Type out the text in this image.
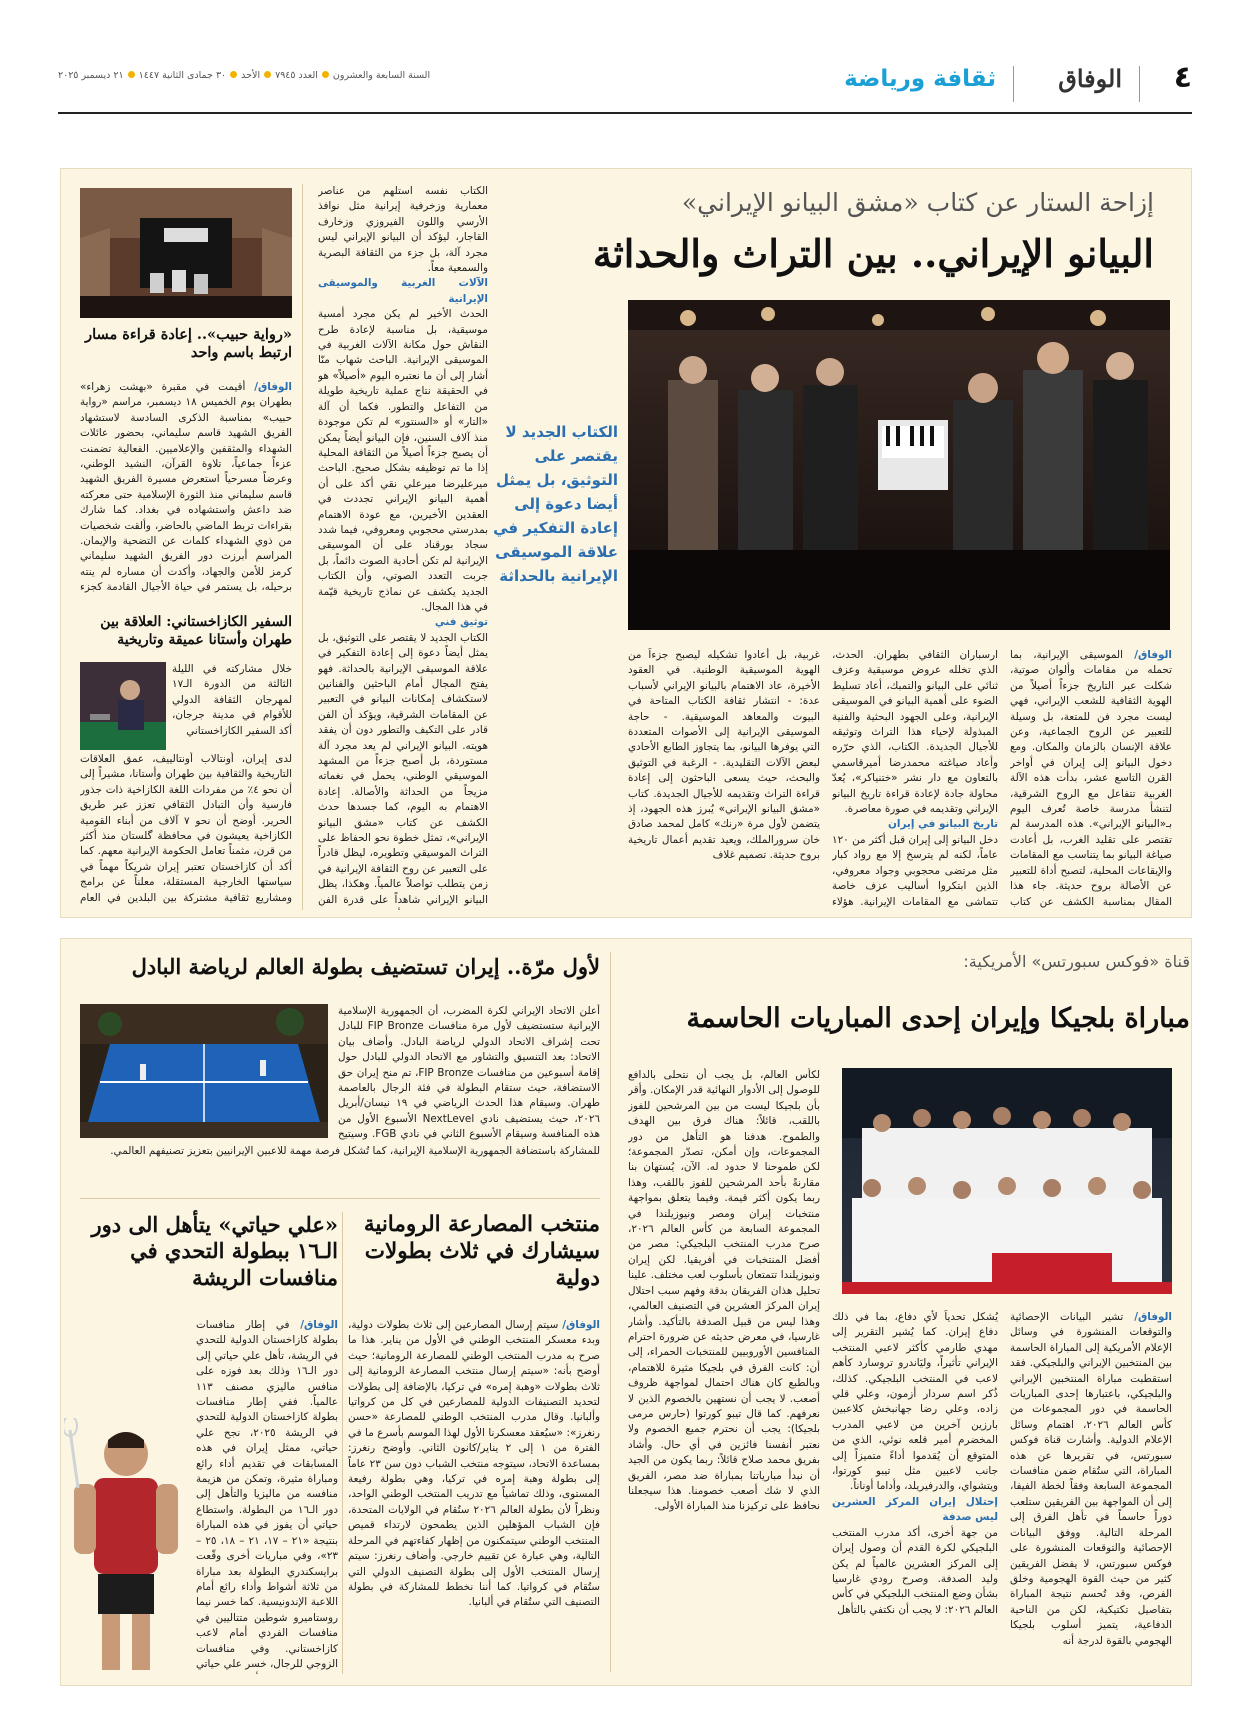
٤
الوفاق
ثقافة ورياضة
السنة السابعة والعشرونالعدد ٧٩٤٥الأحد٣٠ جمادى الثانية ١٤٤٧٢١ ديسمبر ٢٠٢٥
إزاحة الستار عن كتاب «مشق البيانو الإيراني»
البيانو الإيراني.. بين التراث والحداثة
الكتاب الجديد لا يقتصر على التوثيق، بل يمثل أيضا دعوة إلى إعادة التفكير في علاقة الموسيقى الإيرانية بالحداثة

الوفاق/ الموسيقى الإيرانية، بما تحمله من مقامات وألوان صوتية، شكلت عبر التاريخ جزءاً أصيلاً من الهوية الثقافية للشعب الإيراني، فهي ليست مجرد فن للمتعة، بل وسيلة للتعبير عن الروح الجماعية، وعن علاقة الإنسان بالزمان والمكان. ومع دخول البيانو إلى إيران في أواخر القرن التاسع عشر، بدأت هذه الآلة الغربية تتفاعل مع الروح الشرقية، لتنشأ مدرسة خاصة تُعرف اليوم بـ«البيانو الإيراني». هذه المدرسة لم تقتصر على تقليد الغرب، بل أعادت صياغة البيانو بما يتناسب مع المقامات والإيقاعات المحلية، لتصبح أداة للتعبير عن الأصالة بروح حديثة. جاء هذا المقال بمناسبة الكشف عن كتاب

ارسباران الثقافي بطهران. الحدث، الذي تخلله عروض موسيقية وعزف ثنائي على البيانو والتمبك، أعاد تسليط الضوء على أهمية البيانو في الموسيقى الإيرانية، وعلى الجهود البحثية والفنية المبذولة لإحياء هذا التراث وتوثيقه للأجيال الجديدة. الكتاب، الذي حرّره وأعاد صياغته محمدرضا أميرقاسمي بالتعاون مع دار نشر «ختنياكر»، يُعدّ محاولة جادة لإعادة قراءة تاريخ البيانو الإيراني وتقديمه في صورة معاصرة.

تاريخ البيانو في إيران

دخل البيانو إلى إيران قبل أكثر من ١٢٠ عاماً، لكنه لم يترسخ إلا مع رواد كبار مثل مرتضى محجوبي وجواد معروفي، الذين ابتكروا أساليب عزف خاصة تتماشى مع المقامات الإيرانية. هؤلاء

غربية، بل أعادوا تشكيله ليصبح جزءاً من الهوية الموسيقية الوطنية. في العقود الأخيرة، عاد الاهتمام بالبيانو الإيراني لأسباب عدة: - انتشار ثقافة الكتاب المتاحة في البيوت والمعاهد الموسيقية. - حاجة الموسيقى الإيرانية إلى الأصوات المتعددة التي يوفرها البيانو، بما يتجاوز الطابع الأحادي لبعض الآلات التقليدية. - الرغبة في التوثيق والبحث، حيث يسعى الباحثون إلى إعادة قراءة التراث وتقديمه للأجيال الجديدة. كتاب «مشق البيانو الإيراني» يُبرز هذه الجهود، إذ يتضمن لأول مرة «رنك» كامل لمحمد صادق خان سرورالملك، ويعيد تقديم أعمال تاريخية بروح حديثة. تصميم غلاف

الكتاب نفسه استلهم من عناصر معمارية وزخرفية إيرانية مثل نوافذ الأرسي واللون الفيروزي وزخارف القاجار، ليؤكد أن البيانو الإيراني ليس مجرد آلة، بل جزء من الثقافة البصرية والسمعية معاً.

الآلات الغربية والموسيقى الإيرانية

الحدث الأخير لم يكن مجرد أمسية موسيقية، بل مناسبة لإعادة طرح النقاش حول مكانة الآلات الغربية في الموسيقى الإيرانية. الباحث شهاب منّا أشار إلى أن ما نعتبره اليوم «أصيلاً» هو في الحقيقة نتاج عملية تاريخية طويلة من التفاعل والتطور. فكما أن آلة «التار» أو «السنتور» لم تكن موجودة منذ آلاف السنين، فإن البيانو أيضاً يمكن أن يصبح جزءاً أصيلاً من الثقافة المحلية إذا ما تم توظيفه بشكل صحيح. الباحث ميرعلیرضا ميرعلي نقي أكد على أن أهمية البيانو الإيراني تجددت في العقدين الأخيرين، مع عودة الاهتمام بمدرستي محجوبي ومعروفي، فيما شدد سجاد بورقناد على أن الموسيقى الإيرانية لم تكن أحادية الصوت دائماً، بل جربت التعدد الصوتي، وأن الكتاب الجديد يكشف عن نماذج تاريخية قيّمة في هذا المجال.

توثيق فني

الكتاب الجديد لا يقتصر على التوثيق، بل يمثل أيضاً دعوة إلى إعادة التفكير في علاقة الموسيقى الإيرانية بالحداثة. فهو يفتح المجال أمام الباحثين والفنانين لاستكشاف إمكانات البيانو في التعبير عن المقامات الشرقية، ويؤكد أن الفن قادر على التكيف والتطور دون أن يفقد هويته. البيانو الإيراني لم يعد مجرد آلة مستوردة، بل أصبح جزءاً من المشهد الموسيقي الوطني، يحمل في نغماته مزيجاً من الحداثة والأصالة. إعادة الاهتمام به اليوم، كما جسدها حدث الكشف عن كتاب «مشق البيانو الإيراني»، تمثل خطوة نحو الحفاظ على التراث الموسيقي وتطويره، ليظل قادراً على التعبير عن روح الثقافة الإيرانية في زمن يتطلب تواصلاً عالمياً. وهكذا، يظل البيانو الإيراني شاهداً على قدرة الفن

«رواية حبيب».. إعادة قراءة مسار ارتبط باسم واحد

الوفاق/ أقيمت في مقبرة «بهشت زهراء» بطهران يوم الخميس ١٨ ديسمبر، مراسم «رواية حبيب» بمناسبة الذكرى السادسة لاستشهاد الفريق الشهيد قاسم سليماني، بحضور عائلات الشهداء والمثقفين والإعلاميين. الفعالية تضمنت عزءاً جماعياً، تلاوة القرآن، النشيد الوطني، وعرضاً مسرحياً استعرض مسيرة الفريق الشهيد قاسم سليماني منذ الثورة الإسلامية حتى معركته ضد داعش واستشهاده في بغداد. كما شارك بقراءات تربط الماضي بالحاضر، وألقت شخصيات من ذوي الشهداء كلمات عن التضحية والإيمان. المراسم أبرزت دور الفريق الشهيد سليماني كرمز للأمن والجهاد، وأكدت أن مساره لم ينته برحيله، بل يستمر في حياة الأجيال القادمة كجزء

السفير الكازاخستاني: العلاقة بين طهران وأستانا عميقة وتاريخية
خلال مشاركته في الليلة الثالثة من الدورة الـ١٧ لمهرجان الثقافة الدولي للأقوام في مدينة جرجان، أكد السفير الكازاخستاني
لدى إيران، أونتالاب أونتالييف، عمق العلاقات التاريخية والثقافية بين طهران وأستانا، مشيراً إلى أن نحو ٤٪ من مفردات اللغة الكازاخية ذات جذور فارسية وأن التبادل الثقافي تعزز عبر طريق الحرير. أوضح أن نحو ٧ آلاف من أبناء القومية الكازاخية يعيشون في محافظة گلستان منذ أكثر من قرن، مثمناً تعامل الحكومة الإيرانية معهم. كما أكد أن كازاخستان تعتبر إيران شريكاً مهماً في سياستها الخارجية المستقلة، معلناً عن برامج ومشاريع ثقافية مشتركة بين البلدين في العام
قناة «فوكس سبورتس» الأمريكية:
مباراة بلجيكا وإيران إحدى المباريات الحاسمة

الوفاق/ تشير البيانات الإحصائية والتوقعات المنشورة في وسائل الإعلام الأمريكية إلى المباراة الحاسمة بين المنتخبين الإيراني والبلجيكي. فقد استقطبت مباراة المنتخبين الإيراني والبلجيكي، باعتبارها إحدى المباريات الحاسمة في دور المجموعات من كأس العالم ٢٠٢٦، اهتمام وسائل الإعلام الدولية. وأشارت قناة فوكس سبورتس، في تقريرها عن هذه المباراة، التي ستُقام ضمن منافسات المجموعة السابعة وفقاً لخطة الفيفا، إلى أن المواجهة بين الفريقين ستلعب دوراً حاسماً في تأهل الفرق إلى المرحلة التالية. ووفق البيانات الإحصائية والتوقعات المنشورة على فوكس سبورتس، لا يفضل الفريقين كثير من حيث القوة الهجومية وخلق الفرص، وقد تُحسم نتيجة المباراة بتفاصيل تكتيكية، لكن من الناحية الدفاعية، يتميز أسلوب بلجيكا الهجومي بالقوة لدرجة أنه

يُشكل تحدياً لأي دفاع، بما في ذلك دفاع إيران. كما يُشير التقرير إلى مهدي طارمي كأكثر لاعبي المنتخب الإيراني تأثيراً، وليَاندرو تروسارد كأهم لاعب في المنتخب البلجيكي. كذلك، ذُكر اسم سردار أزمون، وعلي قلي زاده، وعلي رضا جهانبخش كلاعبين بارزين آخرين من لاعبي المدرب المخضرم أمير قلعه نوئي، الذي من المتوقع أن يُقدموا أداءً متميزاً إلى جانب لاعبين مثل تيبو كورتوا، ويتشواي، والدرفيريلد، وأداما أوناناً.

إحتلال إيران المركز العشرين ليس صدفة

من جهة أخرى، أكد مدرب المنتخب البلجيكي لكرة القدم أن وصول إيران إلى المركز العشرين عالمياً لم يكن وليد الصدفة. وصرح رودي غارسيا بشأن وضع المنتخب البلجيكي في كأس العالم ٢٠٢٦: لا يجب أن نكتفي بالتأهل

لكأس العالم، بل يجب أن نتحلى بالدافع للوصول إلى الأدوار النهائية قدر الإمكان. وأقر بأن بلجيكا ليست من بين المرشحين للفوز باللقب، قائلاً: هناك فرق بين الهدف والطموح. هدفنا هو التأهل من دور المجموعات، وإن أمكن، تصدّر المجموعة؛ لكن طموحنا لا حدود له. الآن، يُستهان بنا مقارنةً بأحد المرشحين للفوز باللقب، وهذا ربما يكون أكثر قيمة. وفيما يتعلق بمواجهة منتخبات إيران ومصر ونيوزيلندا في المجموعة السابعة من كأس العالم ٢٠٢٦، صرح مدرب المنتخب البلجيكي: مصر من أفضل المنتخبات في أفريقيا. لكن إيران ونيوزيلندا تتمتعان بأسلوب لعب مختلف. علينا تحليل هذان الفريقان بدقة وفهم سبب احتلال إيران المركز العشرين في التصنيف العالمي، وهذا ليس من قبيل الصدفة بالتأكيد. وأشار غارسيا، في معرض حديثه عن ضرورة احترام المنافسين الأوروبيين للمنتخبات الحمراء، إلى أن: كانت الفرق في بلجيكا مثيرة للاهتمام، وبالطبع كان هناك احتمال لمواجهة ظروف أصعب. لا يجب أن نستهين بالخصوم الذين لا نعرفهم. كما قال تيبو كورتوا (حارس مرمى بلجيكا): يجب أن نحترم جميع الخصوم ولا نعتبر أنفسنا فائزين في أي حال. وأشاد بفريق محمد صلاح قائلاً: ربما يكون من الجيد أن نبدأ مبارياتنا بمباراة ضد مصر، الفريق الذي لا شك أصعب خصومنا. هذا سيجعلنا نحافظ على تركيزنا منذ المباراة الأولى.

لأول مرّة.. إيران تستضيف بطولة العالم لرياضة البادل
أعلن الاتحاد الإيراني لكرة المضرب، أن الجمهورية الإسلامية الإيرانية ستستضيف لأول مرة منافسات FIP Bronze للبادل تحت إشراف الاتحاد الدولي لرياضة البادل. وأضاف بيان الاتحاد: بعد التنسيق والتشاور مع الاتحاد الدولي للبادل حول إقامة أسبوعين من منافسات FIP Bronze، تم منح إيران حق الاستضافة، حيث ستقام البطولة في فئة الرجال بالعاصمة طهران. وسيقام هذا الحدث الرياضي في ١٩ نيسان/أبريل ٢٠٢٦، حيث يستضيف نادي NextLevel الأسبوع الأول من هذه المنافسة وسيقام الأسبوع الثاني في نادي FGB. وسيتيح
للمشاركة باستضافة الجمهورية الإسلامية الإيرانية، كما تُشكل فرصة مهمة للاعبين الإيرانيين بتعزيز تصنيفهم العالمي.
منتخب المصارعة الرومانية سيشارك في ثلاث بطولات دولية

الوفاق/ سيتم إرسال المصارعين إلى ثلاث بطولات دولية، وبدء معسكر المنتخب الوطني في الأول من يناير. هذا ما صرح به مدرب المنتخب الوطني للمصارعة الرومانية؛ حيث أوضح بأنه: «سيتم إرسال منتخب المصارعة الرومانية إلى ثلاث بطولات «وهبة إمره» في تركيا، بالإضافة إلى بطولات لتحديد التصنيفات الدولية للمصارعين في كل من كرواتيا وألبانيا. وقال مدرب المنتخب الوطني للمصارعة «حسن رنغرز»: «سيُعقد معسكرنا الأول لهذا الموسم بأسرع ما في الفترة من ١ إلى ٢ يناير/كانون الثاني. وأوضح رنغرز: بمساعدة الاتحاد، سيتوجه منتخب الشباب دون سن ٢٣ عاماً إلى بطولة وهبة إمره في تركيا، وهي بطولة رفيعة المستوى، وذلك تماشياً مع تدريب المنتخب الوطني الواحد، ونظراً لأن بطولة العالم ٢٠٢٦ ستُقام في الولايات المتحدة، فإن الشباب المؤهلين الذين يطمحون لارتداء قميص المنتخب الوطني سيتمكنون من إظهار كفاءتهم في المرحلة التالية، وهي عبارة عن تقييم خارجي. وأضاف رنغرز: سيتم إرسال المنتخب الأول إلى بطولة التصنيف الدولي التي ستُقام في كرواتيا. كما أننا نخطط للمشاركة في بطولة التصنيف التي ستُقام في ألبانيا.

«علي حياتي» يتأهل الى دور الـ١٦ ببطولة التحدي في منافسات الريشة

الوفاق/ في إطار منافسات بطولة كازاخستان الدولية للتحدي في الريشة، تأهل علي حياتي إلى دور الـ١٦ وذلك بعد فوزه على منافس ماليزي مصنف ١١٣ عالمياً. ففي إطار منافسات بطولة كازاخستان الدولية للتحدي في الريشة ٢٠٢٥، نجح علي حياتي، ممثل إيران في هذه المسابقات في تقديم أداء رائع ومباراة مثيرة، وتمكن من هزيمة منافسه من ماليزيا والتأهل إلى دور الـ١٦ من البطولة. واستطاع حياتي أن يفوز في هذه المباراة بنتيجة «٢١ – ١٧، ٢١ – ١٨، ٢٥ – ٢٣»، وفي مباريات أخرى وقّعت برايسكندري البطولة بعد مباراة من ثلاثة أشواط وأداء رائع أمام اللاعبة الإندونيسية. كما خسر نيما روستاميرو شوطين متتاليين في منافسات الفردي أمام لاعب كازاخستاني. وفي منافسات الزوجي للرجال، خسر علي حياتي
